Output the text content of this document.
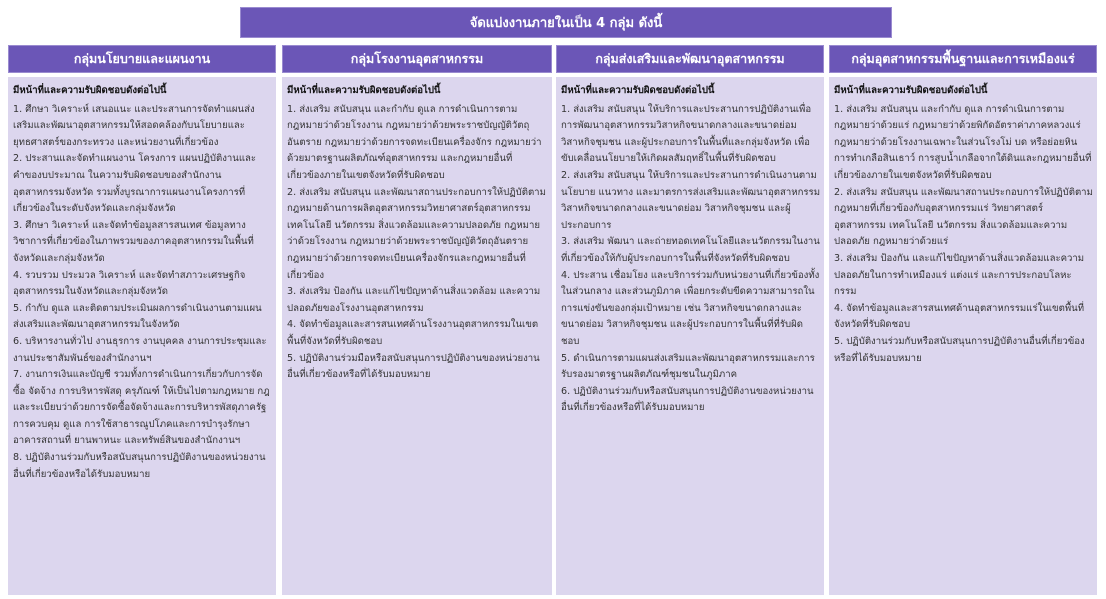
จัดแบ่งงานภายในเป็น 4 กลุ่ม ดังนี้
กลุ่มนโยบายและแผนงาน
มีหน้าที่และความรับผิดชอบดังต่อไปนี้
1. ศึกษา วิเคราะห์ เสนอแนะ และประสานการจัดทำแผนส่งเสริมและพัฒนาอุตสาหกรรมให้สอดคล้องกับนโยบายและยุทธศาสตร์ของกระทรวง และหน่วยงานที่เกี่ยวข้อง
2. ประสานและจัดทำแผนงาน โครงการ แผนปฏิบัติงานและคำของบประมาณ ในความรับผิดชอบของสำนักงานอุตสาหกรรมจังหวัด รวมทั้งบูรณาการแผนงานโครงการที่เกี่ยวข้องในระดับจังหวัดและกลุ่มจังหวัด
3. ศึกษา วิเคราะห์ และจัดทำข้อมูลสารสนเทศ ข้อมูลทางวิชาการที่เกี่ยวข้องในภาพรวมของภาคอุตสาหกรรมในพื้นที่จังหวัดและกลุ่มจังหวัด
4. รวบรวม ประมวล วิเคราะห์ และจัดทำสภาวะเศรษฐกิจอุตสาหกรรมในจังหวัดและกลุ่มจังหวัด
5. กำกับ ดูแล และติดตามประเมินผลการดำเนินงานตามแผนส่งเสริมและพัฒนาอุตสาหกรรมในจังหวัด
6. บริหารงานทั่วไป งานธุรการ งานบุคคล งานการประชุมและงานประชาสัมพันธ์ของสำนักงานฯ
7. งานการเงินและบัญชี รวมทั้งการดำเนินการเกี่ยวกับการจัดซื้อ จัดจ้าง การบริหารพัสดุ ครุภัณฑ์ ให้เป็นไปตามกฎหมาย กฎ และระเบียบว่าด้วยการจัดซื้อจัดจ้างและการบริหารพัสดุภาครัฐ การควบคุม ดูแล การใช้สาธารณูปโภคและการบำรุงรักษา อาคารสถานที่ ยานพาหนะ และทรัพย์สินของสำนักงานฯ
8. ปฏิบัติงานร่วมกับหรือสนับสนุนการปฏิบัติงานของหน่วยงานอื่นที่เกี่ยวข้องหรือได้รับมอบหมาย
กลุ่มโรงงานอุตสาหกรรม
มีหน้าที่และความรับผิดชอบดังต่อไปนี้
1. ส่งเสริม สนับสนุน และกำกับ ดูแล การดำเนินการตามกฎหมายว่าด้วยโรงงาน กฎหมายว่าด้วยพระราชบัญญัติวัตถุอันตราย กฎหมายว่าด้วยการจดทะเบียนเครื่องจักร กฎหมายว่าด้วยมาตรฐานผลิตภัณฑ์อุตสาหกรรม และกฎหมายอื่นที่เกี่ยวข้องภายในเขตจังหวัดที่รับผิดชอบ
2. ส่งเสริม สนับสนุน และพัฒนาสถานประกอบการให้ปฏิบัติตามกฎหมายด้านการผลิตอุตสาหกรรมวิทยาศาสตร์อุตสาหกรรม เทคโนโลยี นวัตกรรม สิ่งแวดล้อมและความปลอดภัย กฎหมายว่าด้วยโรงงาน กฎหมายว่าด้วยพระราชบัญญัติวัตถุอันตราย กฎหมายว่าด้วยการจดทะเบียนเครื่องจักรและกฎหมายอื่นที่เกี่ยวข้อง
3. ส่งเสริม ป้องกัน และแก้ไขปัญหาด้านสิ่งแวดล้อม และความปลอดภัยของโรงงานอุตสาหกรรม
4. จัดทำข้อมูลและสารสนเทศด้านโรงงานอุตสาหกรรมในเขตพื้นที่จังหวัดที่รับผิดชอบ
5. ปฏิบัติงานร่วมมือหรือสนับสนุนการปฏิบัติงานของหน่วยงานอื่นที่เกี่ยวข้องหรือที่ได้รับมอบหมาย
กลุ่มส่งเสริมและพัฒนาอุตสาหกรรม
มีหน้าที่และความรับผิดชอบดังต่อไปนี้
1. ส่งเสริม สนับสนุน ให้บริการและประสานการปฏิบัติงานเพื่อการพัฒนาอุตสาหกรรมวิสาหกิจขนาดกลางและขนาดย่อม วิสาหกิจชุมชน และผู้ประกอบการในพื้นที่และกลุ่มจังหวัด เพื่อขับเคลื่อนนโยบายให้เกิดผลสัมฤทธิ์ในพื้นที่รับผิดชอบ
2. ส่งเสริม สนับสนุน ให้บริการและประสานการดำเนินงานตามนโยบาย แนวทาง และมาตรการส่งเสริมและพัฒนาอุตสาหกรรม วิสาหกิจขนาดกลางและขนาดย่อม วิสาหกิจชุมชน และผู้ประกอบการ
3. ส่งเสริม พัฒนา และถ่ายทอดเทคโนโลยีและนวัตกรรมในงานที่เกี่ยวข้องให้กับผู้ประกอบการในพื้นที่จังหวัดที่รับผิดชอบ
4. ประสาน เชื่อมโยง และบริการร่วมกับหน่วยงานที่เกี่ยวข้องทั้งในส่วนกลาง และส่วนภูมิภาค เพื่อยกระดับขีดความสามารถในการแข่งขันของกลุ่มเป้าหมาย เช่น วิสาหกิจขนาดกลางและขนาดย่อม วิสาหกิจชุมชน และผู้ประกอบการในพื้นที่ที่รับผิดชอบ
5. ดำเนินการตามแผนส่งเสริมและพัฒนาอุตสาหกรรมและการรับรองมาตรฐานผลิตภัณฑ์ชุมชนในภูมิภาค
6. ปฏิบัติงานร่วมกับหรือสนับสนุนการปฏิบัติงานของหน่วยงานอื่นที่เกี่ยวข้องหรือที่ได้รับมอบหมาย
กลุ่มอุตสาหกรรมพื้นฐานและการเหมืองแร่
มีหน้าที่และความรับผิดชอบดังต่อไปนี้
1. ส่งเสริม สนับสนุน และกำกับ ดูแล การดำเนินการตามกฎหมายว่าด้วยแร่ กฎหมายว่าด้วยพิกัดอัตราค่าภาคหลวงแร่ กฎหมายว่าด้วยโรงงานเฉพาะในส่วนโรงโม่ บด หรือย่อยหิน การทำเกลือสินเธาว์ การสูบน้ำเกลือจากใต้ดินและกฎหมายอื่นที่เกี่ยวข้องภายในเขตจังหวัดที่รับผิดชอบ
2. ส่งเสริม สนับสนุน และพัฒนาสถานประกอบการให้ปฏิบัติตามกฎหมายที่เกี่ยวข้องกับอุตสาหกรรมแร่ วิทยาศาสตร์อุตสาหกรรม เทคโนโลยี นวัตกรรม สิ่งแวดล้อมและความปลอดภัย กฎหมายว่าด้วยแร่
3. ส่งเสริม ป้องกัน และแก้ไขปัญหาด้านสิ่งแวดล้อมและความปลอดภัยในการทำเหมืองแร่ แต่งแร่ และการประกอบโลหะกรรม
4. จัดทำข้อมูลและสารสนเทศด้านอุตสาหกรรมแร่ในเขตพื้นที่จังหวัดที่รับผิดชอบ
5. ปฏิบัติงานร่วมกับหรือสนับสนุนการปฏิบัติงานอื่นที่เกี่ยวข้องหรือที่ได้รับมอบหมาย
